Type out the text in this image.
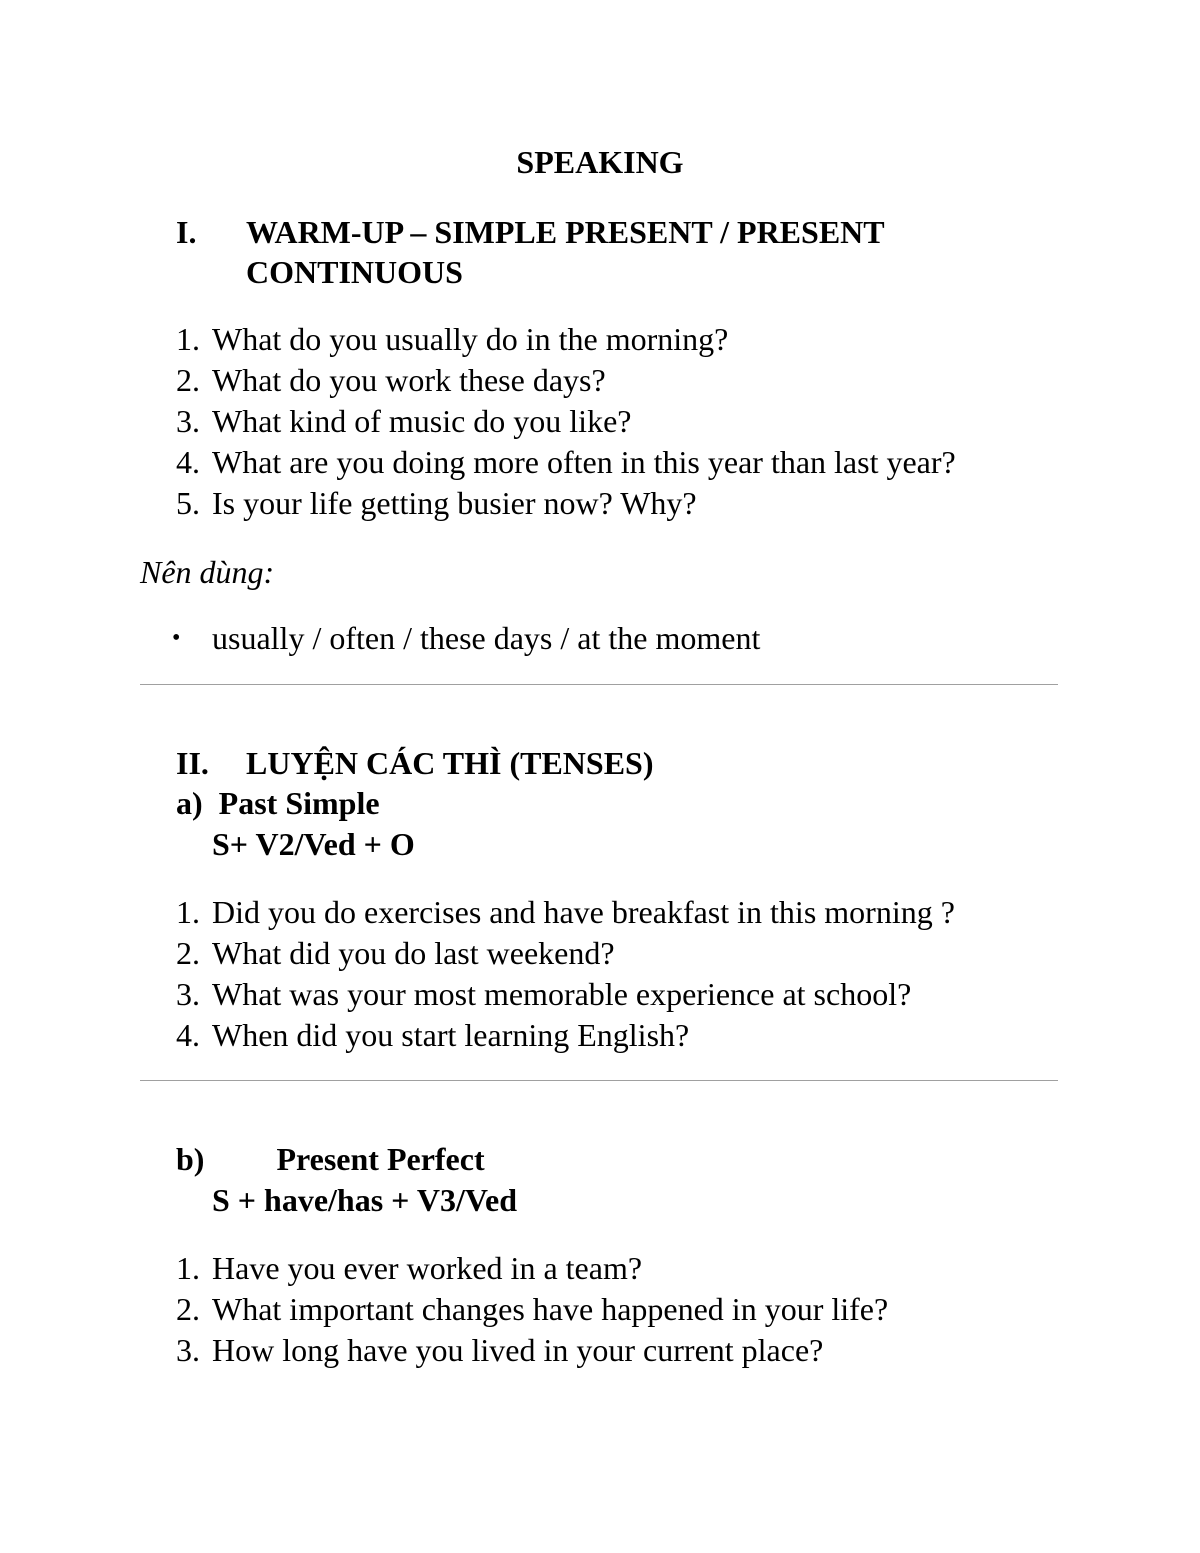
SPEAKING
I. WARM-UP – SIMPLE PRESENT / PRESENT
CONTINUOUS
1. What do you usually do in the morning?
2. What do you work these days?
3. What kind of music do you like?
4. What are you doing more often in this year than last year?
5. Is your life getting busier now? Why?
Nên dùng:
• usually / often / these days / at the moment
II. LUYỆN CÁC THÌ (TENSES)
a) Past Simple
S+ V2/Ved + O
1. Did you do exercises and have breakfast in this morning ?
2. What did you do last weekend?
3. What was your most memorable experience at school?
4. When did you start learning English?
b) Present Perfect
S + have/has + V3/Ved
1. Have you ever worked in a team?
2. What important changes have happened in your life?
3. How long have you lived in your current place?
